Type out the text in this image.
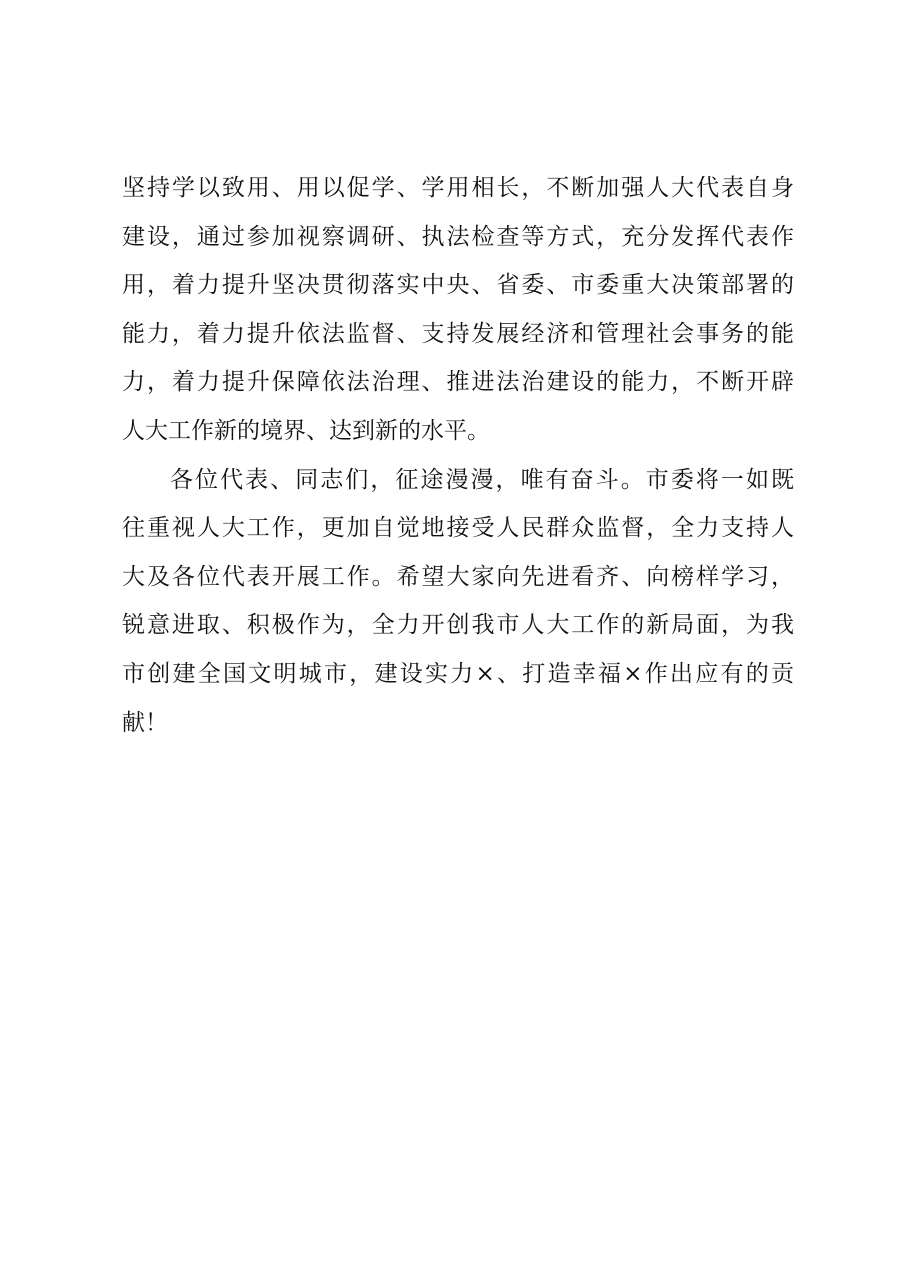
坚持学以致用、用以促学、学用相长，不断加强人大代表自身
建设，通过参加视察调研、执法检查等方式，充分发挥代表作
用，着力提升坚决贯彻落实中央、省委、市委重大决策部署的
能力，着力提升依法监督、支持发展经济和管理社会事务的能
力，着力提升保障依法治理、推进法治建设的能力，不断开辟
人大工作新的境界、达到新的水平。
各位代表、同志们，征途漫漫，唯有奋斗。市委将一如既
往重视人大工作，更加自觉地接受人民群众监督，全力支持人
大及各位代表开展工作。希望大家向先进看齐、向榜样学习，
锐意进取、积极作为，全力开创我市人大工作的新局面，为我
市创建全国文明城市，建设实力×、打造幸福×作出应有的贡
献！
